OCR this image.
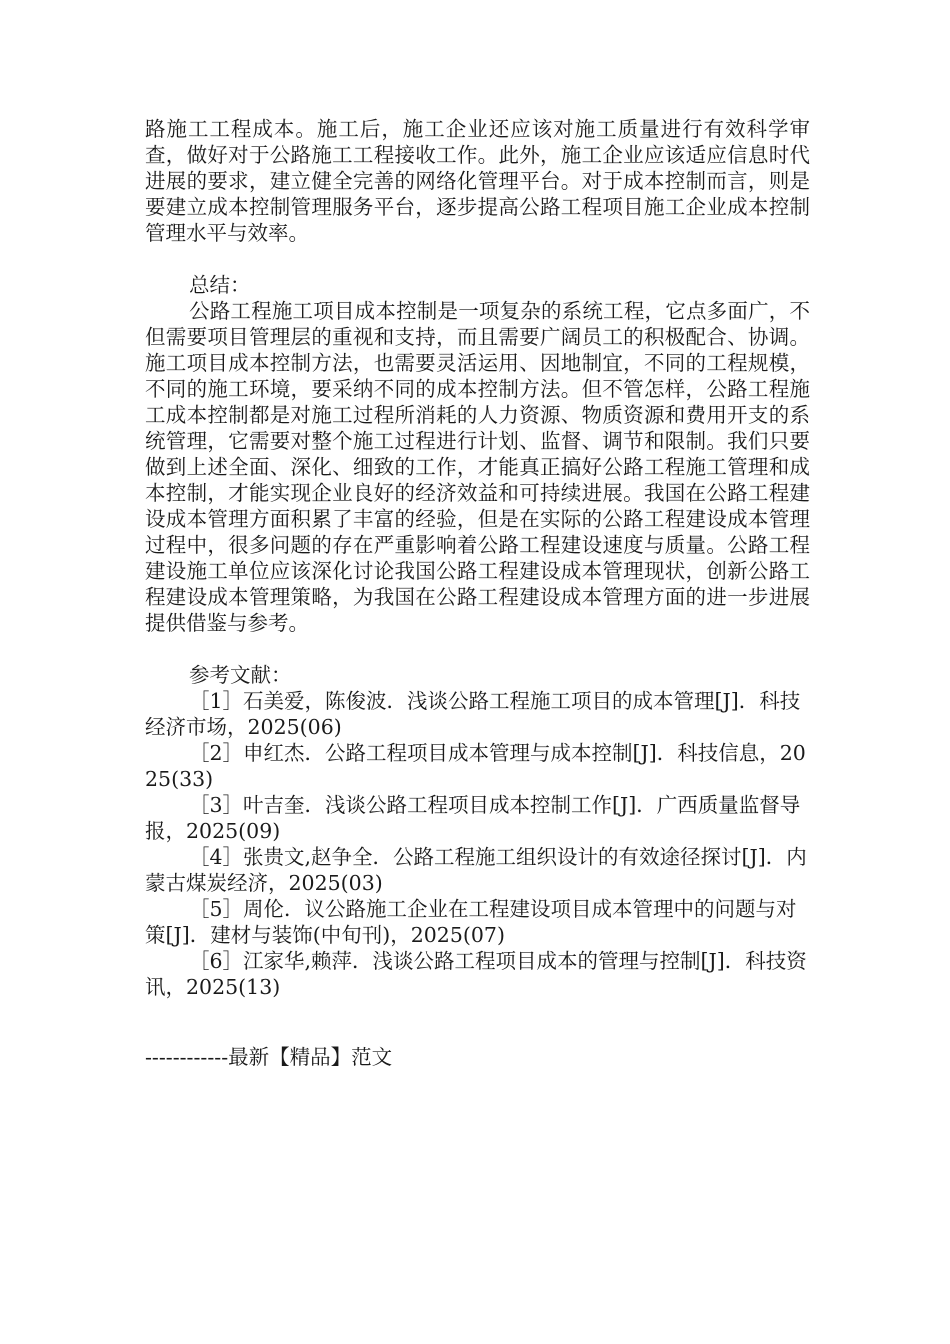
路施工工程成本。施工后，施工企业还应该对施工质量进行有效科学审查，做好对于公路施工工程接收工作。此外，施工企业应该适应信息时代进展的要求，建立健全完善的网络化管理平台。对于成本控制而言，则是要建立成本控制管理服务平台，逐步提高公路工程项目施工企业成本控制管理水平与效率。

总结：

公路工程施工项目成本控制是一项复杂的系统工程，它点多面广，不但需要项目管理层的重视和支持，而且需要广阔员工的积极配合、协调。施工项目成本控制方法，也需要灵活运用、因地制宜，不同的工程规模，不同的施工环境，要采纳不同的成本控制方法。但不管怎样，公路工程施工成本控制都是对施工过程所消耗的人力资源、物质资源和费用开支的系统管理，它需要对整个施工过程进行计划、监督、调节和限制。我们只要做到上述全面、深化、细致的工作，才能真正搞好公路工程施工管理和成本控制，才能实现企业良好的经济效益和可持续进展。我国在公路工程建设成本管理方面积累了丰富的经验，但是在实际的公路工程建设成本管理过程中，很多问题的存在严重影响着公路工程建设速度与质量。公路工程建设施工单位应该深化讨论我国公路工程建设成本管理现状，创新公路工程建设成本管理策略，为我国在公路工程建设成本管理方面的进一步进展提供借鉴与参考。

参考文献：

［1］石美爱，陈俊波．浅谈公路工程施工项目的成本管理[J]．科技经济市场，2025(06)

［2］申红杰．公路工程项目成本管理与成本控制[J]．科技信息，2025(33)

［3］叶吉奎．浅谈公路工程项目成本控制工作[J]．广西质量监督导报，2025(09)

［4］张贵文,赵争全．公路工程施工组织设计的有效途径探讨[J]．内蒙古煤炭经济，2025(03)

［5］周伦．议公路施工企业在工程建设项目成本管理中的问题与对策[J]．建材与装饰(中旬刊)，2025(07)

［6］江家华,赖萍．浅谈公路工程项目成本的管理与控制[J]．科技资讯，2025(13)

------------最新【精品】范文
